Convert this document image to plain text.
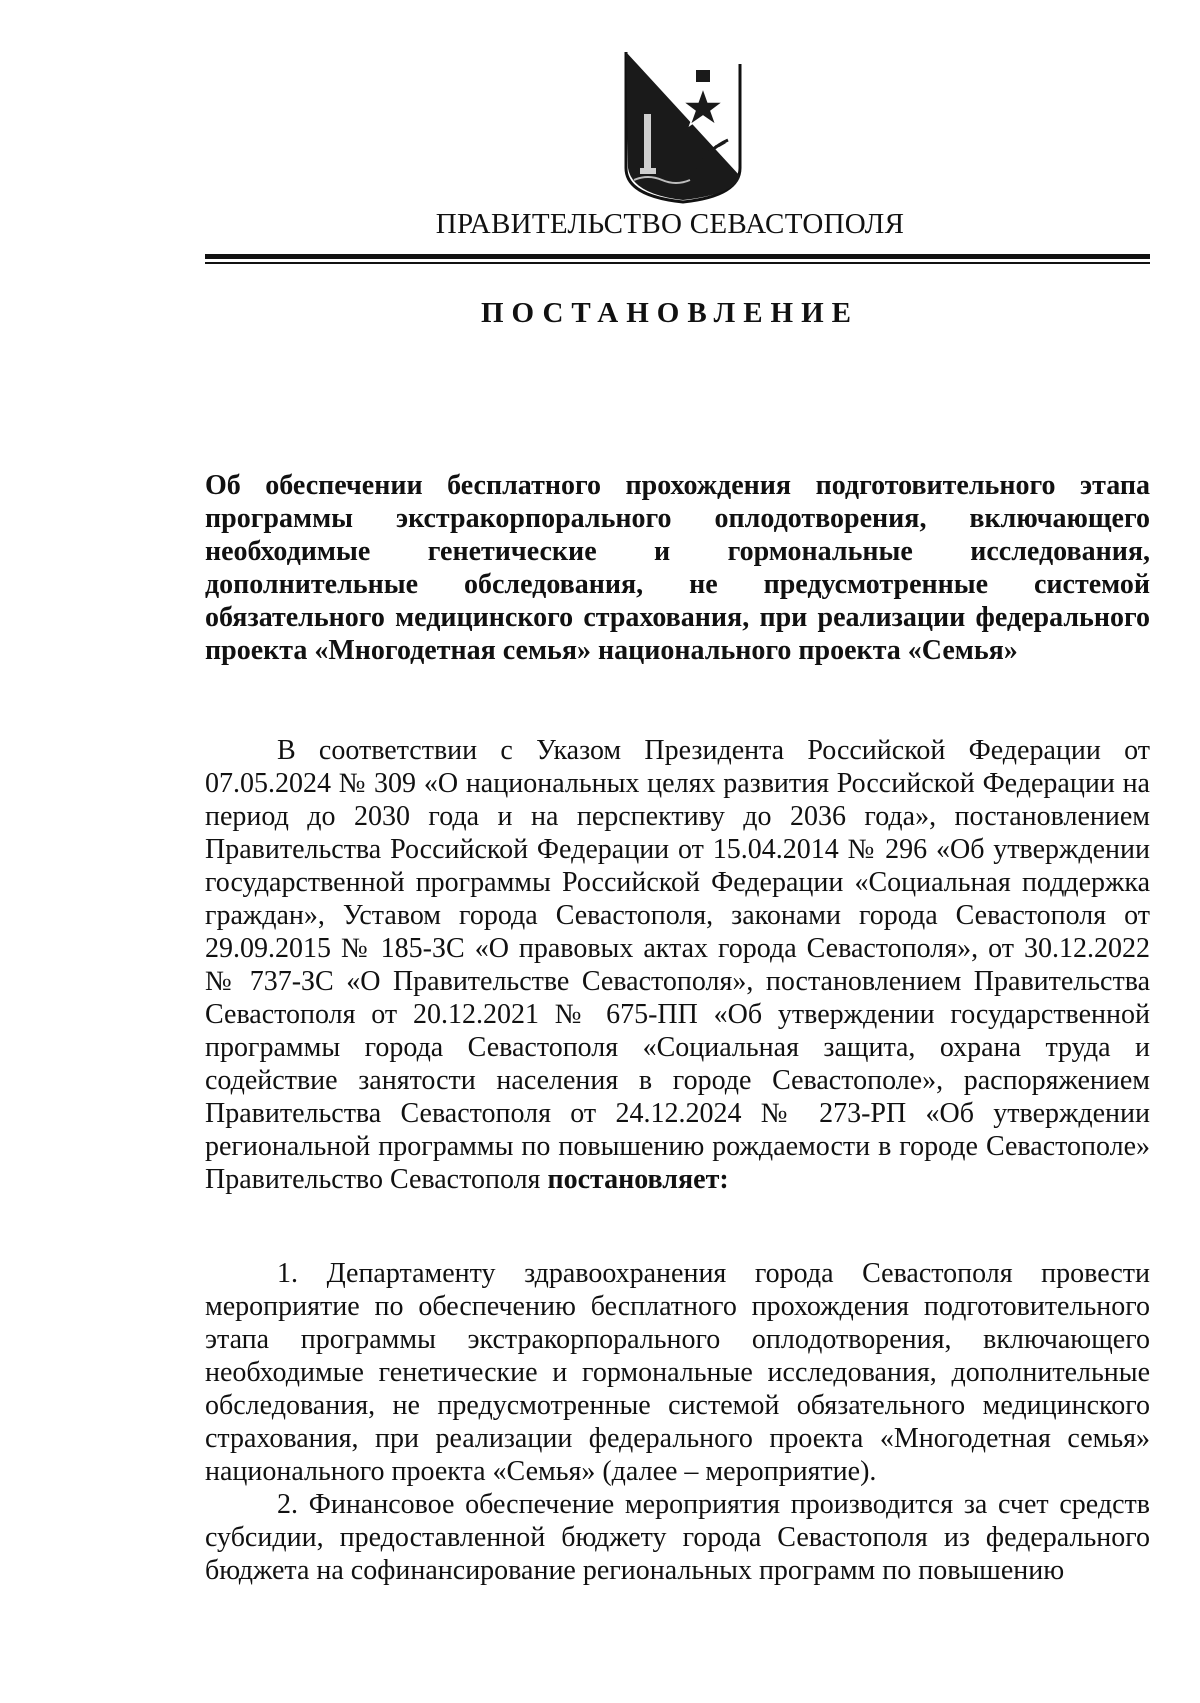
ПРАВИТЕЛЬСТВО СЕВАСТОПОЛЯ
ПОСТАНОВЛЕНИЕ
Об обеспечении бесплатного прохождения подготовительного этапа программы экстракорпорального оплодотворения, включающего необходимые генетические и гормональные исследования, дополнительные обследования, не предусмотренные системой обязательного медицинского страхования, при реализации федерального проекта «Многодетная семья» национального проекта «Семья»

В соответствии с Указом Президента Российской Федерации от 07.05.2024 № 309 «О национальных целях развития Российской Федерации на период до 2030 года и на перспективу до 2036 года», постановлением Правительства Российской Федерации от 15.04.2014 № 296 «Об утверждении государственной программы Российской Федерации «Социальная поддержка граждан», Уставом города Севастополя, законами города Севастополя от 29.09.2015 № 185-ЗС «О правовых актах города Севастополя», от 30.12.2022 № 737-ЗС «О Правительстве Севастополя», постановлением Правительства Севастополя от 20.12.2021 № 675-ПП «Об утверждении государственной программы города Севастополя «Социальная защита, охрана труда и содействие занятости населения в городе Севастополе», распоряжением Правительства Севастополя от 24.12.2024 № 273-РП «Об утверждении региональной программы по повышению рождаемости в городе Севастополе» Правительство Севастополя постановляет:

1. Департаменту здравоохранения города Севастополя провести мероприятие по обеспечению бесплатного прохождения подготовительного этапа программы экстракорпорального оплодотворения, включающего необходимые генетические и гормональные исследования, дополнительные обследования, не предусмотренные системой обязательного медицинского страхования, при реализации федерального проекта «Многодетная семья» национального проекта «Семья» (далее – мероприятие).

2. Финансовое обеспечение мероприятия производится за счет средств субсидии, предоставленной бюджету города Севастополя из федерального бюджета на софинансирование региональных программ по повышению
